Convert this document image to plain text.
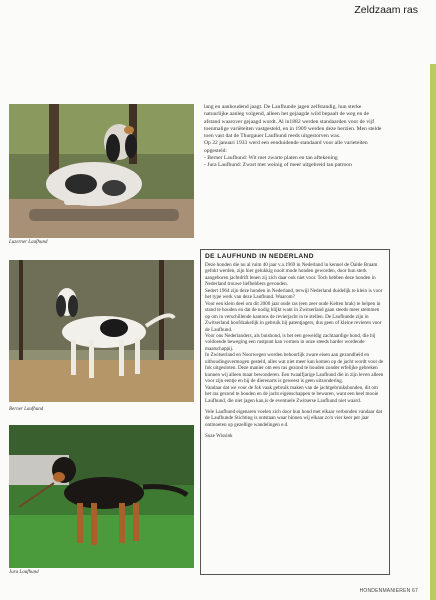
Zeldzaam ras
Luzerner Laufhund
Berner Laufhund
Jura Laufhund

lang en aanhoudend jaagt. De Laufhunde jagen zelfstandig, hun sterke natuurlijke aanleg volgend, alleen het gejaagde wild bepaalt de weg en de afstand waarover gejaagd wordt. Al in1882 werden standaarden voor de vijf toenmalige variëteiten vastgesteld, en in 1909 werden deze herzien. Men stelde toen vast dat de Thurgauer Laufhund reeds uitgestorven was.

Op 22 januari 1933 werd een eenduidende standaard voor alle varieteiten opgesteld:

- Berner Laufhund: Wit met zwarte platen en tan aftekening

- Jura Laufhund: Zwart met weinig of meer uitgebreid tan patroon

DE LAUFHUND IN NEDERLAND

Deze honden die nu al ruim 40 jaar v.a.1969 in Nederland in kennel de Oalde Braam gefokt werden, zijn hier gelukkig nooit mode honden geworden, door hun sterk aangeboren jachtdrift lenen zij zich daar ook niet voor. Toch hebben deze honden in Nederland trouwe liefhebbers gevonden.

Sedert 1964 zijn deze honden in Nederland, terwijl Nederland duidelijk te klein is voor het type werk van deze Laufhund. Waarom?

Voor een klein deel om dit 2000 jaar oude ras (een zeer oude Kelten brak) te helpen in stand te houden en dat de nodig blijkt want in Zwitserland gaan steeds meer stemmen op om in verschillende kantons de revierjacht in te stellen. De Laufhunde zijn in Zwitserland hoofdzakelijk in gebruik bij patentjagers, dus geen of kleine revieren voor de Laufhund.

Voor ons Nederlanders, als buishond, is het een geweldig zachtaardige hond, die bij voldoende beweging een rustpunt kan vormen in onze steeds harder wordende maatschappij.

In Zwitserland en Noorwegen worden behoorlijk zware eisen aan gezondheid en uithoudingsvermogen gesteld, alles wat niet meer kan komen op de jacht wordt voor de fok uitgesloten. Deze manier om een ras gezond te houden zonder erfelijke gebreken kunnen wij alleen maar bewonderen. Een twaalfjarige Laufhund die in zijn leven alleen voor zijn eentje en bij de dierenarts is geweest is geen uitzondering.

Vandaar dat we voor de fok vaak gebruik maken van de jachtgebruikshonden, dit om het ras gezond te houden en de jacht eigenschappen te bewaren, want een heel mooie Laufhund, die niet jagen kan,is de eventuele Zwitserse Laufhund niet waard.

Vele Laufhund eigenaren voelen zich door hun hond met elkaar verbonden vandaar dat de Laufhunde Stichting is ontstaan waar binnen wij elkaar zo'n vier keer per jaar ontmoeten op gezellige wandelingen e.d.

Suze Wissink

HONDENMANIEREN 67
